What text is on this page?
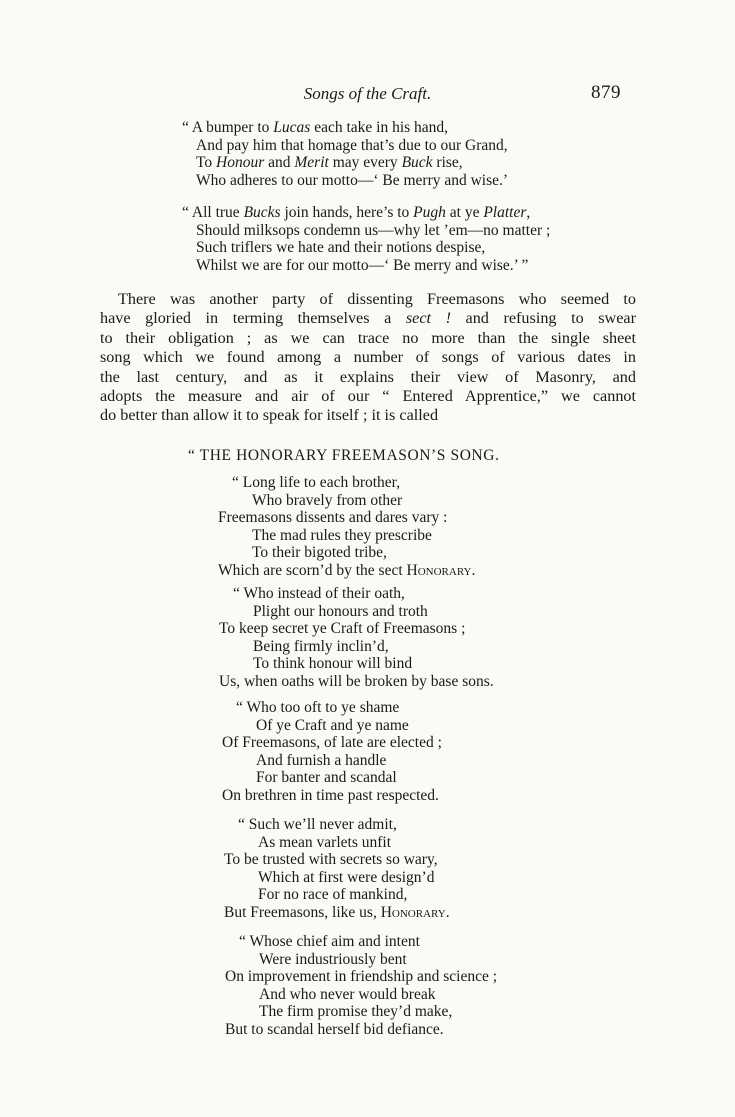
Songs of the Craft.	879
“ A bumper to Lucas each take in his hand,
And pay him that homage that’s due to our Grand,
To Honour and Merit may every Buck rise,
Who adheres to our motto—‘ Be merry and wise.’
“ All true Bucks join hands, here’s to Pugh at ye Platter,
Should milksops condemn us—why let ’em—no matter ;
Such triflers we hate and their notions despise,
Whilst we are for our motto—‘ Be merry and wise.’ ”
There was another party of dissenting Freemasons who seemed to
have gloried in terming themselves a sect ! and refusing to swear
to their obligation ; as we can trace no more than the single sheet
song which we found among a number of songs of various dates in
the last century, and as it explains their view of Masonry, and
adopts the measure and air of our “ Entered Apprentice,” we cannot
do better than allow it to speak for itself ; it is called
“ THE HONORARY FREEMASON’S SONG.
“ Long life to each brother,
Who bravely from other
Freemasons dissents and dares vary :
The mad rules they prescribe
To their bigoted tribe,
Which are scorn’d by the sect Honorary.
“ Who instead of their oath,
Plight our honours and troth
To keep secret ye Craft of Freemasons ;
Being firmly inclin’d,
To think honour will bind
Us, when oaths will be broken by base sons.
“ Who too oft to ye shame
Of ye Craft and ye name
Of Freemasons, of late are elected ;
And furnish a handle
For banter and scandal
On brethren in time past respected.
“ Such we’ll never admit,
As mean varlets unfit
To be trusted with secrets so wary,
Which at first were design’d
For no race of mankind,
But Freemasons, like us, Honorary.
“ Whose chief aim and intent
Were industriously bent
On improvement in friendship and science ;
And who never would break
The firm promise they’d make,
But to scandal herself bid defiance.
